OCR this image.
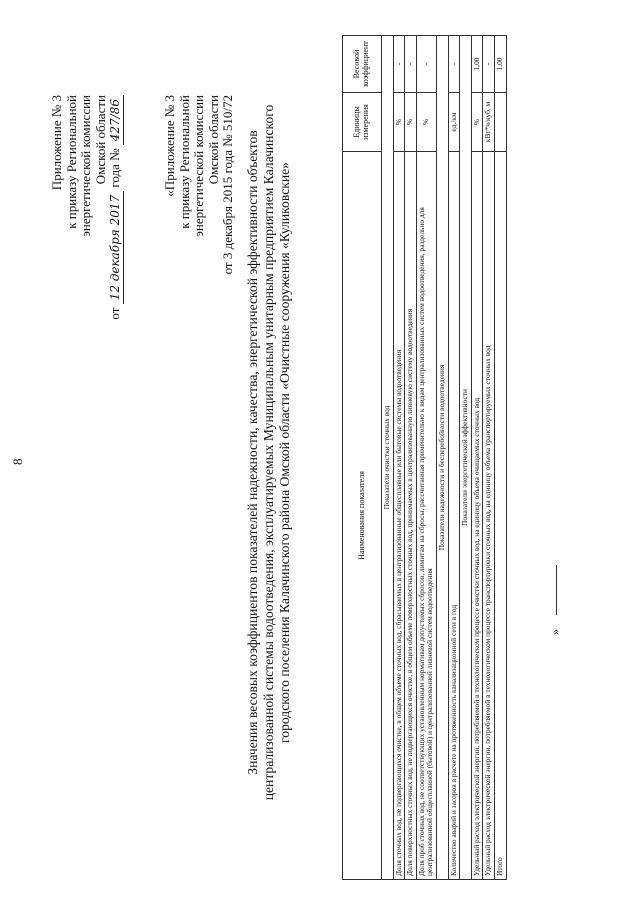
8
Приложение № 3 к приказу Региональной энергетической комиссии Омской области
от 12 декабря 2017 года № 427/86	«Приложение № 3 к приказу Региональной энергетической комиссии Омской области от 3 декабря 2015 года № 510/72 Значения весовых коэффициентов показателей надежности, качества, энергетической эффективности объектов централизованной системы водоотведения, эксплуатируемых Муниципальным унитарным предприятием Калачинского городского поселения Калачинского района Омской области «Очистные сооружения «Куликовские»	Наименования показателя	Единицы измерения	Весовой коэффициент
Показатели очистки сточных вод		
Доля сточных вод, не подвергающихся очистке, в общем объеме сточных вод, сбрасываемых в централизованные общесплавные или бытовые системы водоотведения	%	-
Доля поверхностных сточных вод, не подвергающихся очистке, в общем объеме поверхностных сточных вод, принимаемых в централизованную ливневую систему водоотведения	%	-
Доля проб сточных вод, не соответствующих установленным нормативам допустимых сбросов, лимитам на сбросы, рассчитанная применительно к видам централизованных систем водоотведения, раздельно для централизованной общесплавной (бытовой) и централизованной ливневой систем водоотведения	%	-
Показатели надежности и бесперебойности водоотведения		
Количество аварий и засоров в расчете на протяженность канализационной сети в год	ед./км	-
Показатели энергетической эффективности		
Удельный расход электрической энергии, потребляемой в технологическом процессе очистки сточных вод, на единицу объема очищаемых сточных вод	%	1,00
Удельный расход электрической энергии, потребляемой в технологическом процессе транспортировки сточных вод, на единицу объема транспортируемых сточных вод	кВт*ч/куб. м	-
Итого		1,00
»
